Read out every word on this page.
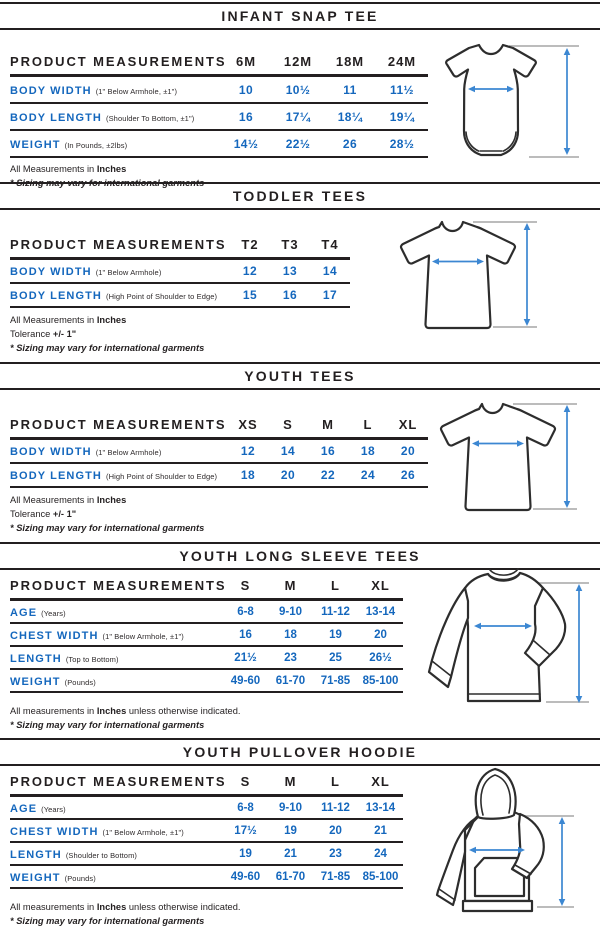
INFANT SNAP TEE
PRODUCT MEASUREMENTS	6M	12M	18M	24M
BODY WIDTH (1" Below Armhole, ±1")	10	10½	11	11½
BODY LENGTH (Shoulder To Bottom, ±1")	16	17¼	18¼	19¼
WEIGHT (In Pounds, ±2lbs)	14½	22½	26	28½

All Measurements in Inches

* Sizing may vary for international garments

TODDLER TEES
PRODUCT MEASUREMENTS	T2	T3	T4
BODY WIDTH (1" Below Armhole)	12	13	14
BODY LENGTH (High Point of Shoulder to Edge)	15	16	17

All Measurements in Inches

Tolerance +/- 1"

* Sizing may vary for international garments

YOUTH TEES
PRODUCT MEASUREMENTS	XS	S	M	L	XL
BODY WIDTH (1" Below Armhole)	12	14	16	18	20
BODY LENGTH (High Point of Shoulder to Edge)	18	20	22	24	26

All Measurements in Inches

Tolerance +/- 1"

* Sizing may vary for international garments

YOUTH LONG SLEEVE TEES
PRODUCT MEASUREMENTS	S	M	L	XL
AGE (Years)	6-8	9-10	11-12	13-14
CHEST WIDTH (1" Below Armhole, ±1")	16	18	19	20
LENGTH (Top to Bottom)	21½	23	25	26½
WEIGHT (Pounds)	49-60	61-70	71-85	85-100

All measurements in Inches unless otherwise indicated.

* Sizing may vary for international garments

YOUTH PULLOVER HOODIE
PRODUCT MEASUREMENTS	S	M	L	XL
AGE (Years)	6-8	9-10	11-12	13-14
CHEST WIDTH (1" Below Armhole, ±1")	17½	19	20	21
LENGTH (Shoulder to Bottom)	19	21	23	24
WEIGHT (Pounds)	49-60	61-70	71-85	85-100

All measurements in Inches unless otherwise indicated.

* Sizing may vary for international garments
